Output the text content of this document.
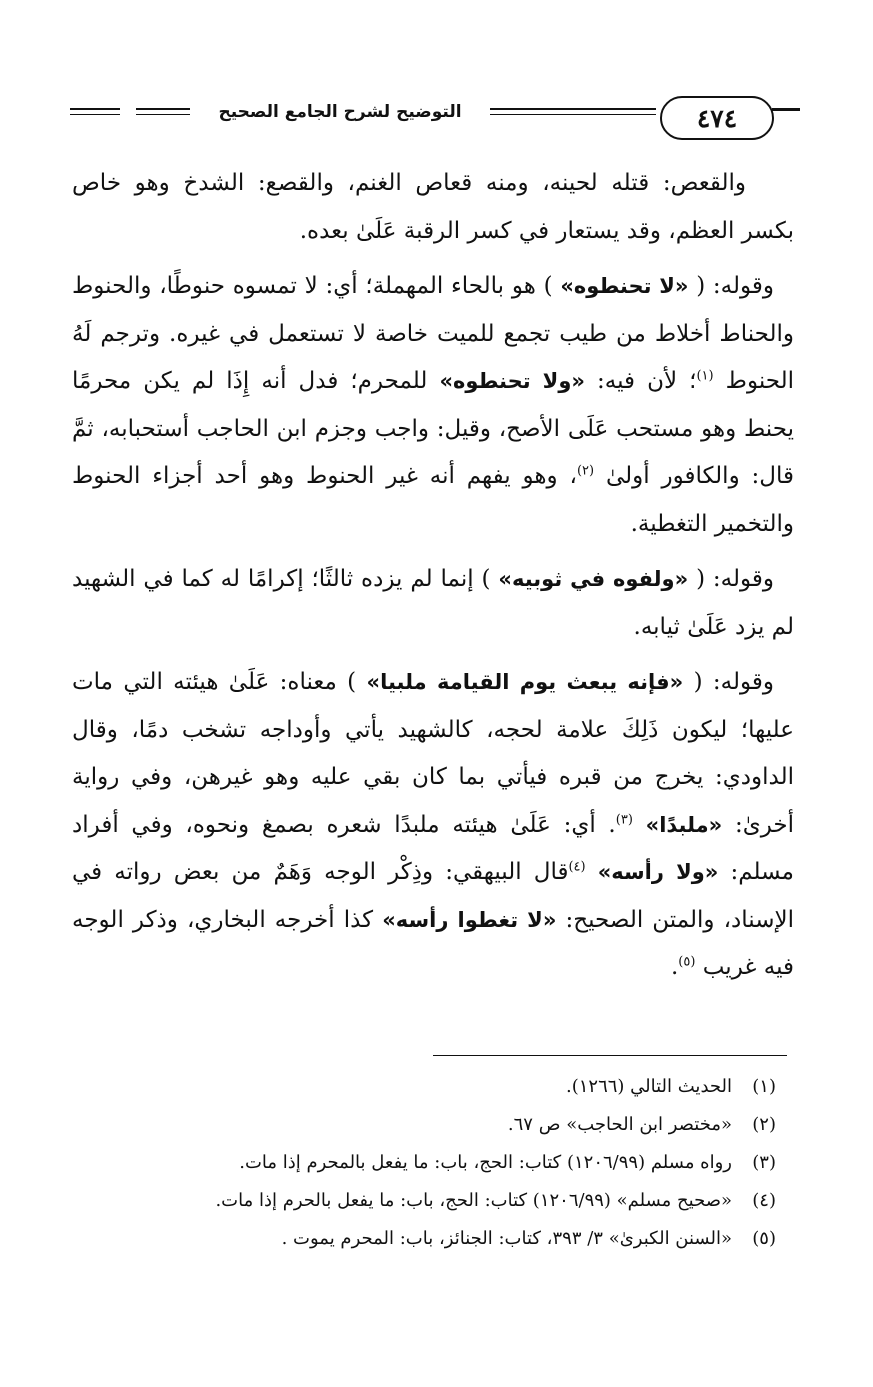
التوضيح لشرح الجامع الصحيح	٤٧٤

والقعص: قتله لحينه، ومنه قعاص الغنم، والقصع: الشدخ وهو خاص بكسر العظم، وقد يستعار في كسر الرقبة عَلَىٰ بعده.

وقوله: ( «لا تحنطوه» ) هو بالحاء المهملة؛ أي: لا تمسوه حنوطًا، والحنوط والحناط أخلاط من طيب تجمع للميت خاصة لا تستعمل في غيره. وترجم لَهُ الحنوط $^{(١)}$؛ لأن فيه: «ولا تحنطوه» للمحرم؛ فدل أنه إِذَا لم يكن محرمًا يحنط وهو مستحب عَلَى الأصح، وقيل: واجب وجزم ابن الحاجب أستحبابه، ثمَّ قال: والكافور أولىٰ $^{(٢)}$، وهو يفهم أنه غير الحنوط وهو أحد أجزاء الحنوط والتخمير التغطية.

وقوله: ( «ولفوه في ثوبيه» ) إنما لم يزده ثالثًا؛ إكرامًا له كما في الشهيد لم يزد عَلَىٰ ثيابه.

وقوله: ( «فإنه يبعث يوم القيامة ملبيا» ) معناه: عَلَىٰ هيئته التي مات عليها؛ ليكون ذَلِكَ علامة لحجه، كالشهيد يأتي وأوداجه تشخب دمًا، وقال الداودي: يخرج من قبره فيأتي بما كان بقي عليه وهو غيرهن، وفي رواية أخرىٰ: «ملبدًا» $^{(٣)}$. أي: عَلَىٰ هيئته ملبدًا شعره بصمغ ونحوه، وفي أفراد مسلم: «ولا رأسه» $^{(٤)}$قال البيهقي: وذِكْر الوجه وَهَمٌ من بعض رواته في الإسناد، والمتن الصحيح: «لا تغطوا رأسه» كذا أخرجه البخاري، وذكر الوجه فيه غريب $^{(٥)}$.

(١)الحديث التالي (١٢٦٦).
(٢)«مختصر ابن الحاجب» ص ٦٧.
(٣)رواه مسلم (١٢٠٦/٩٩) كتاب: الحج، باب: ما يفعل بالمحرم إذا مات.
(٤)«صحيح مسلم» (١٢٠٦/٩٩) كتاب: الحج، باب: ما يفعل بالحرم إذا مات.
(٥)«السنن الكبرىٰ» ٣/ ٣٩٣، كتاب: الجنائز، باب: المحرم يموت .
